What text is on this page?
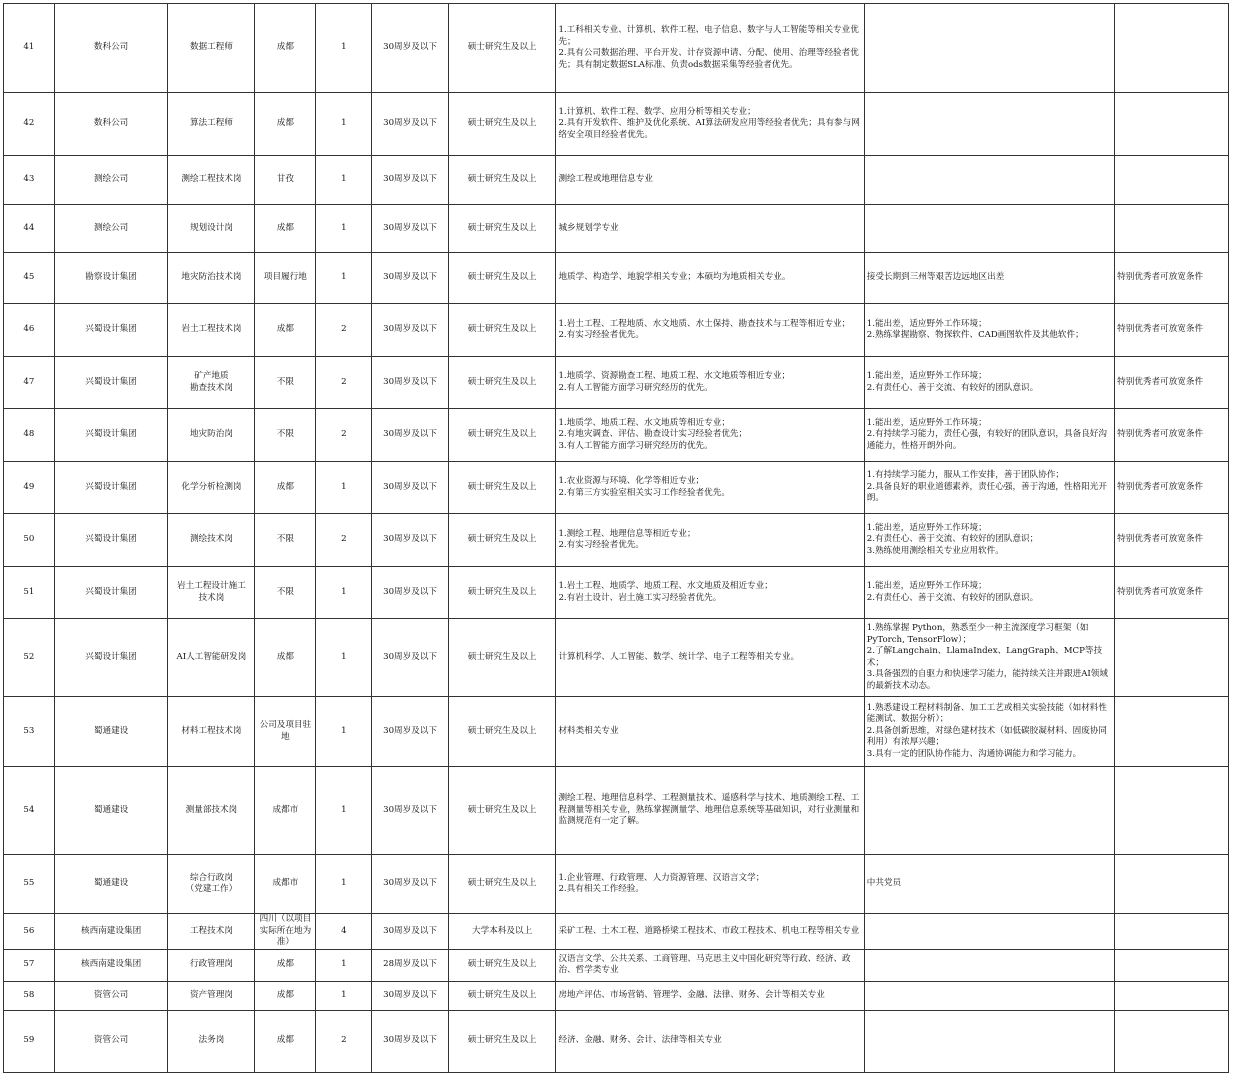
41	数科公司	数据工程师	成都	1	30周岁及以下	硕士研究生及以上	1.工科相关专业、计算机、软件工程、电子信息、数字与人工智能等相关专业优先；
2.具有公司数据治理、平台开发、计存资源申请、分配、使用、治理等经验者优先；具有制定数据SLA标准、负责ods数据采集等经验者优先。		
42	数科公司	算法工程师	成都	1	30周岁及以下	硕士研究生及以上	1.计算机、软件工程、数学、应用分析等相关专业；
2.具有开发软件、维护及优化系统、AI算法研发应用等经验者优先；具有参与网络安全项目经验者优先。		
43	测绘公司	测绘工程技术岗	甘孜	1	30周岁及以下	硕士研究生及以上	测绘工程或地理信息专业		
44	测绘公司	规划设计岗	成都	1	30周岁及以下	硕士研究生及以上	城乡规划学专业		
45	勘察设计集团	地灾防治技术岗	项目履行地	1	30周岁及以下	硕士研究生及以上	地质学、构造学、地貌学相关专业；本硕均为地质相关专业。	接受长期到三州等艰苦边远地区出差	特别优秀者可放宽条件
46	兴蜀设计集团	岩土工程技术岗	成都	2	30周岁及以下	硕士研究生及以上	1.岩土工程、工程地质、水文地质、水土保持、勘查技术与工程等相近专业；
2.有实习经验者优先。	1.能出差，适应野外工作环境；
2.熟练掌握勘察、物探软件、CAD画图软件及其他软件；	特别优秀者可放宽条件
47	兴蜀设计集团	矿产地质
勘查技术岗	不限	2	30周岁及以下	硕士研究生及以上	1.地质学、资源勘查工程、地质工程、水文地质等相近专业；
2.有人工智能方面学习研究经历的优先。	1.能出差，适应野外工作环境；
2.有责任心、善于交流、有较好的团队意识。	特别优秀者可放宽条件
48	兴蜀设计集团	地灾防治岗	不限	2	30周岁及以下	硕士研究生及以上	1.地质学、地质工程、水文地质等相近专业；
2.有地灾调查、评估、勘查设计实习经验者优先；
3.有人工智能方面学习研究经历的优先。	1.能出差，适应野外工作环境；
2.有持续学习能力，责任心强，有较好的团队意识，具备良好沟通能力，性格开朗外向。	特别优秀者可放宽条件
49	兴蜀设计集团	化学分析检测岗	成都	1	30周岁及以下	硕士研究生及以上	1.农业资源与环境、化学等相近专业；
2.有第三方实验室相关实习工作经验者优先。	1.有持续学习能力，服从工作安排，善于团队协作；
2.具备良好的职业道德素养，责任心强，善于沟通，性格阳光开朗。	特别优秀者可放宽条件
50	兴蜀设计集团	测绘技术岗	不限	2	30周岁及以下	硕士研究生及以上	1.测绘工程、地理信息等相近专业；
2.有实习经验者优先。	1.能出差，适应野外工作环境；
2.有责任心、善于交流、有较好的团队意识；
3.熟练使用测绘相关专业应用软件。	特别优秀者可放宽条件
51	兴蜀设计集团	岩土工程设计施工
技术岗	不限	1	30周岁及以下	硕士研究生及以上	1.岩土工程、地质学、地质工程、水文地质及相近专业；
2.有岩土设计、岩土施工实习经验者优先。	1.能出差，适应野外工作环境；
2.有责任心、善于交流、有较好的团队意识。	特别优秀者可放宽条件
52	兴蜀设计集团	AI人工智能研发岗	成都	1	30周岁及以下	硕士研究生及以上	计算机科学、人工智能、数学、统计学、电子工程等相关专业。	1.熟练掌握 Python，熟悉至少一种主流深度学习框架（如 PyTorch, TensorFlow）；
2.了解Langchain、LlamaIndex、LangGraph、MCP等技术；
3.具备强烈的自驱力和快速学习能力，能持续关注并跟进AI领域的最新技术动态。	
53	蜀通建设	材料工程技术岗	公司及项目驻地	1	30周岁及以下	硕士研究生及以上	材料类相关专业	1.熟悉建设工程材料制备、加工工艺或相关实验技能（如材料性能测试、数据分析）；
2.具备创新思维，对绿色建材技术（如低碳胶凝材料、固废协同利用）有浓厚兴趣；
3.具有一定的团队协作能力、沟通协调能力和学习能力。	
54	蜀通建设	测量部技术岗	成都市	1	30周岁及以下	硕士研究生及以上	测绘工程、地理信息科学、工程测量技术、遥感科学与技术、地质测绘工程、工程测量等相关专业，熟练掌握测量学、地理信息系统等基础知识，对行业测量和监测规范有一定了解。		
55	蜀通建设	综合行政岗
（党建工作）	成都市	1	30周岁及以下	硕士研究生及以上	1.企业管理、行政管理、人力资源管理、汉语言文学；
2.具有相关工作经验。	中共党员	
56	核西南建设集团	工程技术岗	四川（以项目实际所在地为准）	4	30周岁及以下	大学本科及以上	采矿工程、土木工程、道路桥梁工程技术、市政工程技术、机电工程等相关专业		
57	核西南建设集团	行政管理岗	成都	1	28周岁及以下	硕士研究生及以上	汉语言文学、公共关系、工商管理、马克思主义中国化研究等行政、经济、政治、哲学类专业		
58	资管公司	资产管理岗	成都	1	30周岁及以下	硕士研究生及以上	房地产评估、市场营销、管理学、金融、法律、财务、会计等相关专业		
59	资管公司	法务岗	成都	2	30周岁及以下	硕士研究生及以上	经济、金融、财务、会计、法律等相关专业		
